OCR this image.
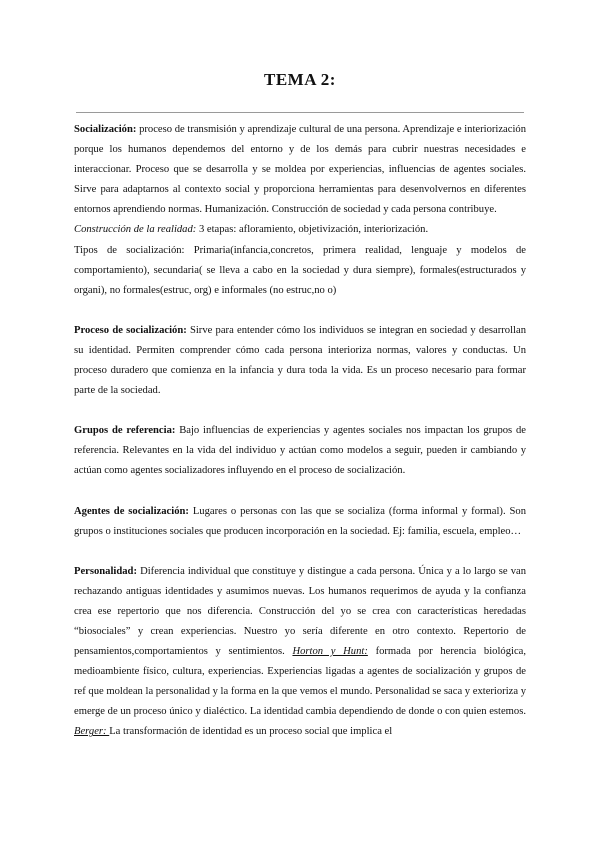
TEMA 2:

Socialización: proceso de transmisión y aprendizaje cultural de una persona. Aprendizaje e interiorización porque los humanos dependemos del entorno y de los demás para cubrir nuestras necesidades e interaccionar. Proceso que se desarrolla y se moldea por experiencias, influencias de agentes sociales. Sirve para adaptarnos al contexto social y proporciona herramientas para desenvolvernos en diferentes entornos aprendiendo normas. Humanización. Construcción de sociedad y cada persona contribuye.

Construcción de la realidad: 3 etapas: afloramiento, objetivización, interiorización.

Tipos de socialización: Primaria(infancia,concretos, primera realidad, lenguaje y modelos de comportamiento), secundaria( se lleva a cabo en la sociedad y dura siempre), formales(estructurados y organi), no formales(estruc, org) e informales (no estruc,no o)

Proceso de socialización: Sirve para entender cómo los individuos se integran en sociedad y desarrollan su identidad. Permiten comprender cómo cada persona interioriza normas, valores y conductas. Un proceso duradero que comienza en la infancia y dura toda la vida. Es un proceso necesario para formar parte de la sociedad.

Grupos de referencia: Bajo influencias de experiencias y agentes sociales nos impactan los grupos de referencia. Relevantes en la vida del individuo y actúan como modelos a seguir, pueden ir cambiando y actúan como agentes socializadores influyendo en el proceso de socialización.

Agentes de socialización: Lugares o personas con las que se socializa (forma informal y formal). Son grupos o instituciones sociales que producen incorporación en la sociedad. Ej: familia, escuela, empleo…

Personalidad: Diferencia individual que constituye y distingue a cada persona. Única y a lo largo se van rechazando antiguas identidades y asumimos nuevas. Los humanos requerimos de ayuda y la confianza crea ese repertorio que nos diferencia. Construcción del yo se crea con características heredadas “biosociales” y crean experiencias. Nuestro yo sería diferente en otro contexto. Repertorio de pensamientos,comportamientos y sentimientos. Horton y Hunt: formada por herencia biológica, medioambiente físico, cultura, experiencias. Experiencias ligadas a agentes de socialización y grupos de ref que moldean la personalidad y la forma en la que vemos el mundo. Personalidad se saca y exterioriza y emerge de un proceso único y dialéctico. La identidad cambia dependiendo de donde o con quien estemos. Berger: La transformación de identidad es un proceso social que implica el
